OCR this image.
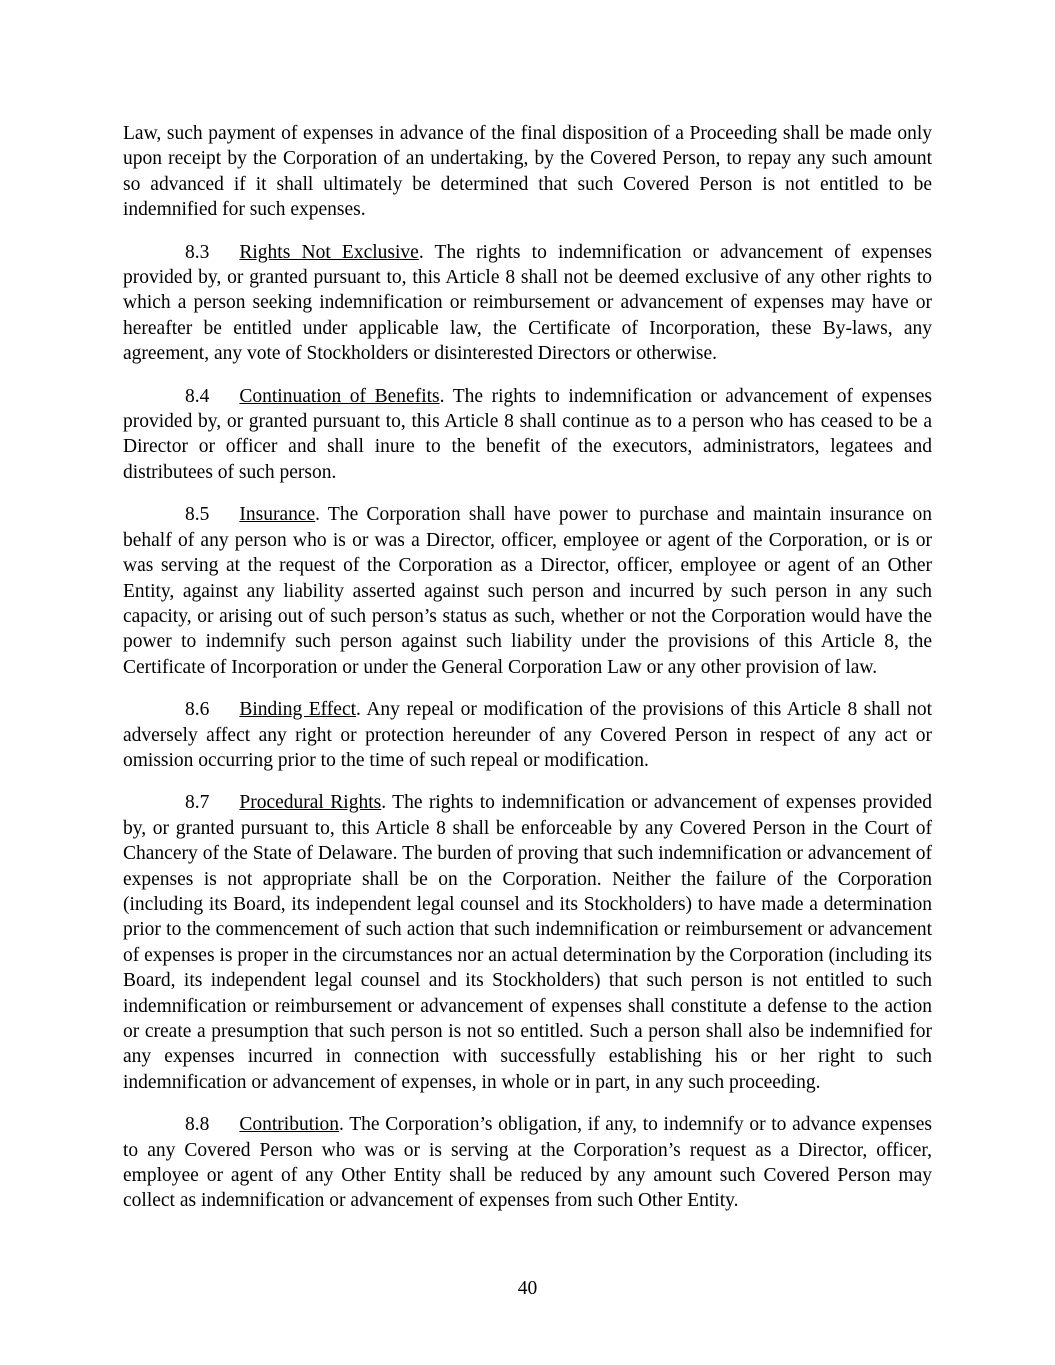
Law, such payment of expenses in advance of the final disposition of a Proceeding shall be made only upon receipt by the Corporation of an undertaking, by the Covered Person, to repay any such amount so advanced if it shall ultimately be determined that such Covered Person is not entitled to be indemnified for such expenses.

8.3 Rights Not Exclusive. The rights to indemnification or advancement of expenses provided by, or granted pursuant to, this Article 8 shall not be deemed exclusive of any other rights to which a person seeking indemnification or reimbursement or advancement of expenses may have or hereafter be entitled under applicable law, the Certificate of Incorporation, these By-laws, any agreement, any vote of Stockholders or disinterested Directors or otherwise.

8.4 Continuation of Benefits. The rights to indemnification or advancement of expenses provided by, or granted pursuant to, this Article 8 shall continue as to a person who has ceased to be a Director or officer and shall inure to the benefit of the executors, administrators, legatees and distributees of such person.

8.5 Insurance. The Corporation shall have power to purchase and maintain insurance on behalf of any person who is or was a Director, officer, employee or agent of the Corporation, or is or was serving at the request of the Corporation as a Director, officer, employee or agent of an Other Entity, against any liability asserted against such person and incurred by such person in any such capacity, or arising out of such person’s status as such, whether or not the Corporation would have the power to indemnify such person against such liability under the provisions of this Article 8, the Certificate of Incorporation or under the General Corporation Law or any other provision of law.

8.6 Binding Effect. Any repeal or modification of the provisions of this Article 8 shall not adversely affect any right or protection hereunder of any Covered Person in respect of any act or omission occurring prior to the time of such repeal or modification.

8.7 Procedural Rights. The rights to indemnification or advancement of expenses provided by, or granted pursuant to, this Article 8 shall be enforceable by any Covered Person in the Court of Chancery of the State of Delaware. The burden of proving that such indemnification or advancement of expenses is not appropriate shall be on the Corporation. Neither the failure of the Corporation (including its Board, its independent legal counsel and its Stockholders) to have made a determination prior to the commencement of such action that such indemnification or reimbursement or advancement of expenses is proper in the circumstances nor an actual determination by the Corporation (including its Board, its independent legal counsel and its Stockholders) that such person is not entitled to such indemnification or reimbursement or advancement of expenses shall constitute a defense to the action or create a presumption that such person is not so entitled. Such a person shall also be indemnified for any expenses incurred in connection with successfully establishing his or her right to such indemnification or advancement of expenses, in whole or in part, in any such proceeding.

8.8 Contribution. The Corporation’s obligation, if any, to indemnify or to advance expenses to any Covered Person who was or is serving at the Corporation’s request as a Director, officer, employee or agent of any Other Entity shall be reduced by any amount such Covered Person may collect as indemnification or advancement of expenses from such Other Entity.

40
